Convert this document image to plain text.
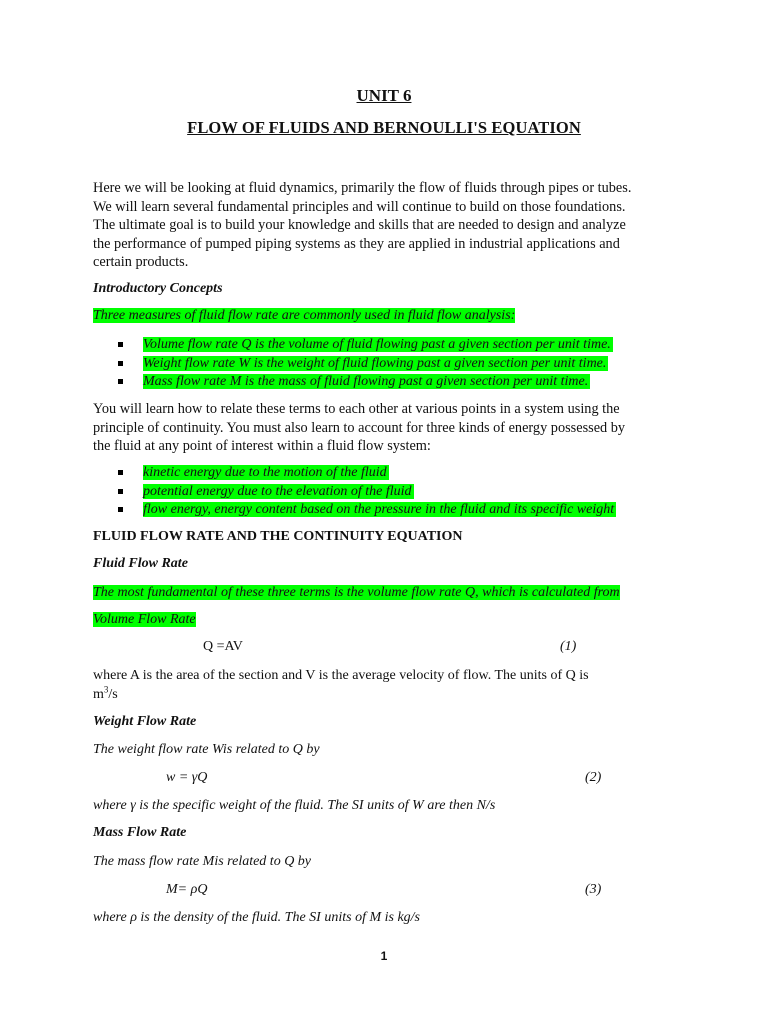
UNIT 6
FLOW OF FLUIDS AND BERNOULLI'S EQUATION
Here we will be looking at fluid dynamics, primarily the flow of fluids through pipes or tubes.
We will learn several fundamental principles and will continue to build on those foundations.
The ultimate goal is to build your knowledge and skills that are needed to design and analyze
the performance of pumped piping systems as they are applied in industrial applications and
certain products.
Introductory Concepts
Three measures of fluid flow rate are commonly used in fluid flow analysis:
Volume flow rate Q is the volume of fluid flowing past a given section per unit time.
Weight flow rate W is the weight of fluid flowing past a given section per unit time.
Mass flow rate M is the mass of fluid flowing past a given section per unit time.
You will learn how to relate these terms to each other at various points in a system using the
principle of continuity. You must also learn to account for three kinds of energy possessed by
the fluid at any point of interest within a fluid flow system:
kinetic energy due to the motion of the fluid
potential energy due to the elevation of the fluid
flow energy, energy content based on the pressure in the fluid and its specific weight
FLUID FLOW RATE AND THE CONTINUITY EQUATION
Fluid Flow Rate
The most fundamental of these three terms is the volume flow rate Q, which is calculated from
Volume Flow Rate
Q =AV	(1)
where A is the area of the section and V is the average velocity of flow. The units of Q is
$m^3/s$
Weight Flow Rate
The weight flow rate Wis related to Q by
w = γQ	(2)
where γ is the specific weight of the fluid. The SI units of W are then N/s
Mass Flow Rate
The mass flow rate Mis related to Q by
M= ρQ	(3)
where ρ is the density of the fluid. The SI units of M is kg/s
1
